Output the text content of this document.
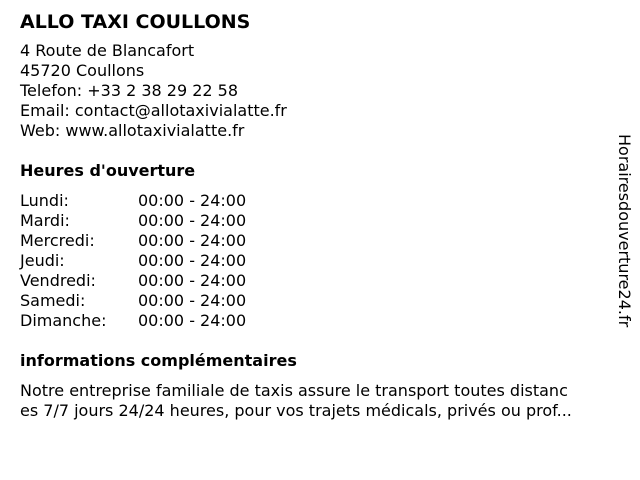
ALLO TAXI COULLONS
4 Route de Blancafort
45720 Coullons
Telefon: +33 2 38 29 22 58
Email: contact@allotaxivialatte.fr
Web: www.allotaxivialatte.fr
Heures d'ouverture
Lundi:	00:00 - 24:00
Mardi:	00:00 - 24:00
Mercredi:	00:00 - 24:00
Jeudi:	00:00 - 24:00
Vendredi:	00:00 - 24:00
Samedi:	00:00 - 24:00
Dimanche:	00:00 - 24:00
informations complémentaires
Notre entreprise familiale de taxis assure le transport toutes distanc
es 7/7 jours 24/24 heures, pour vos trajets médicals, privés ou prof...
Horairesdouverture24.fr
